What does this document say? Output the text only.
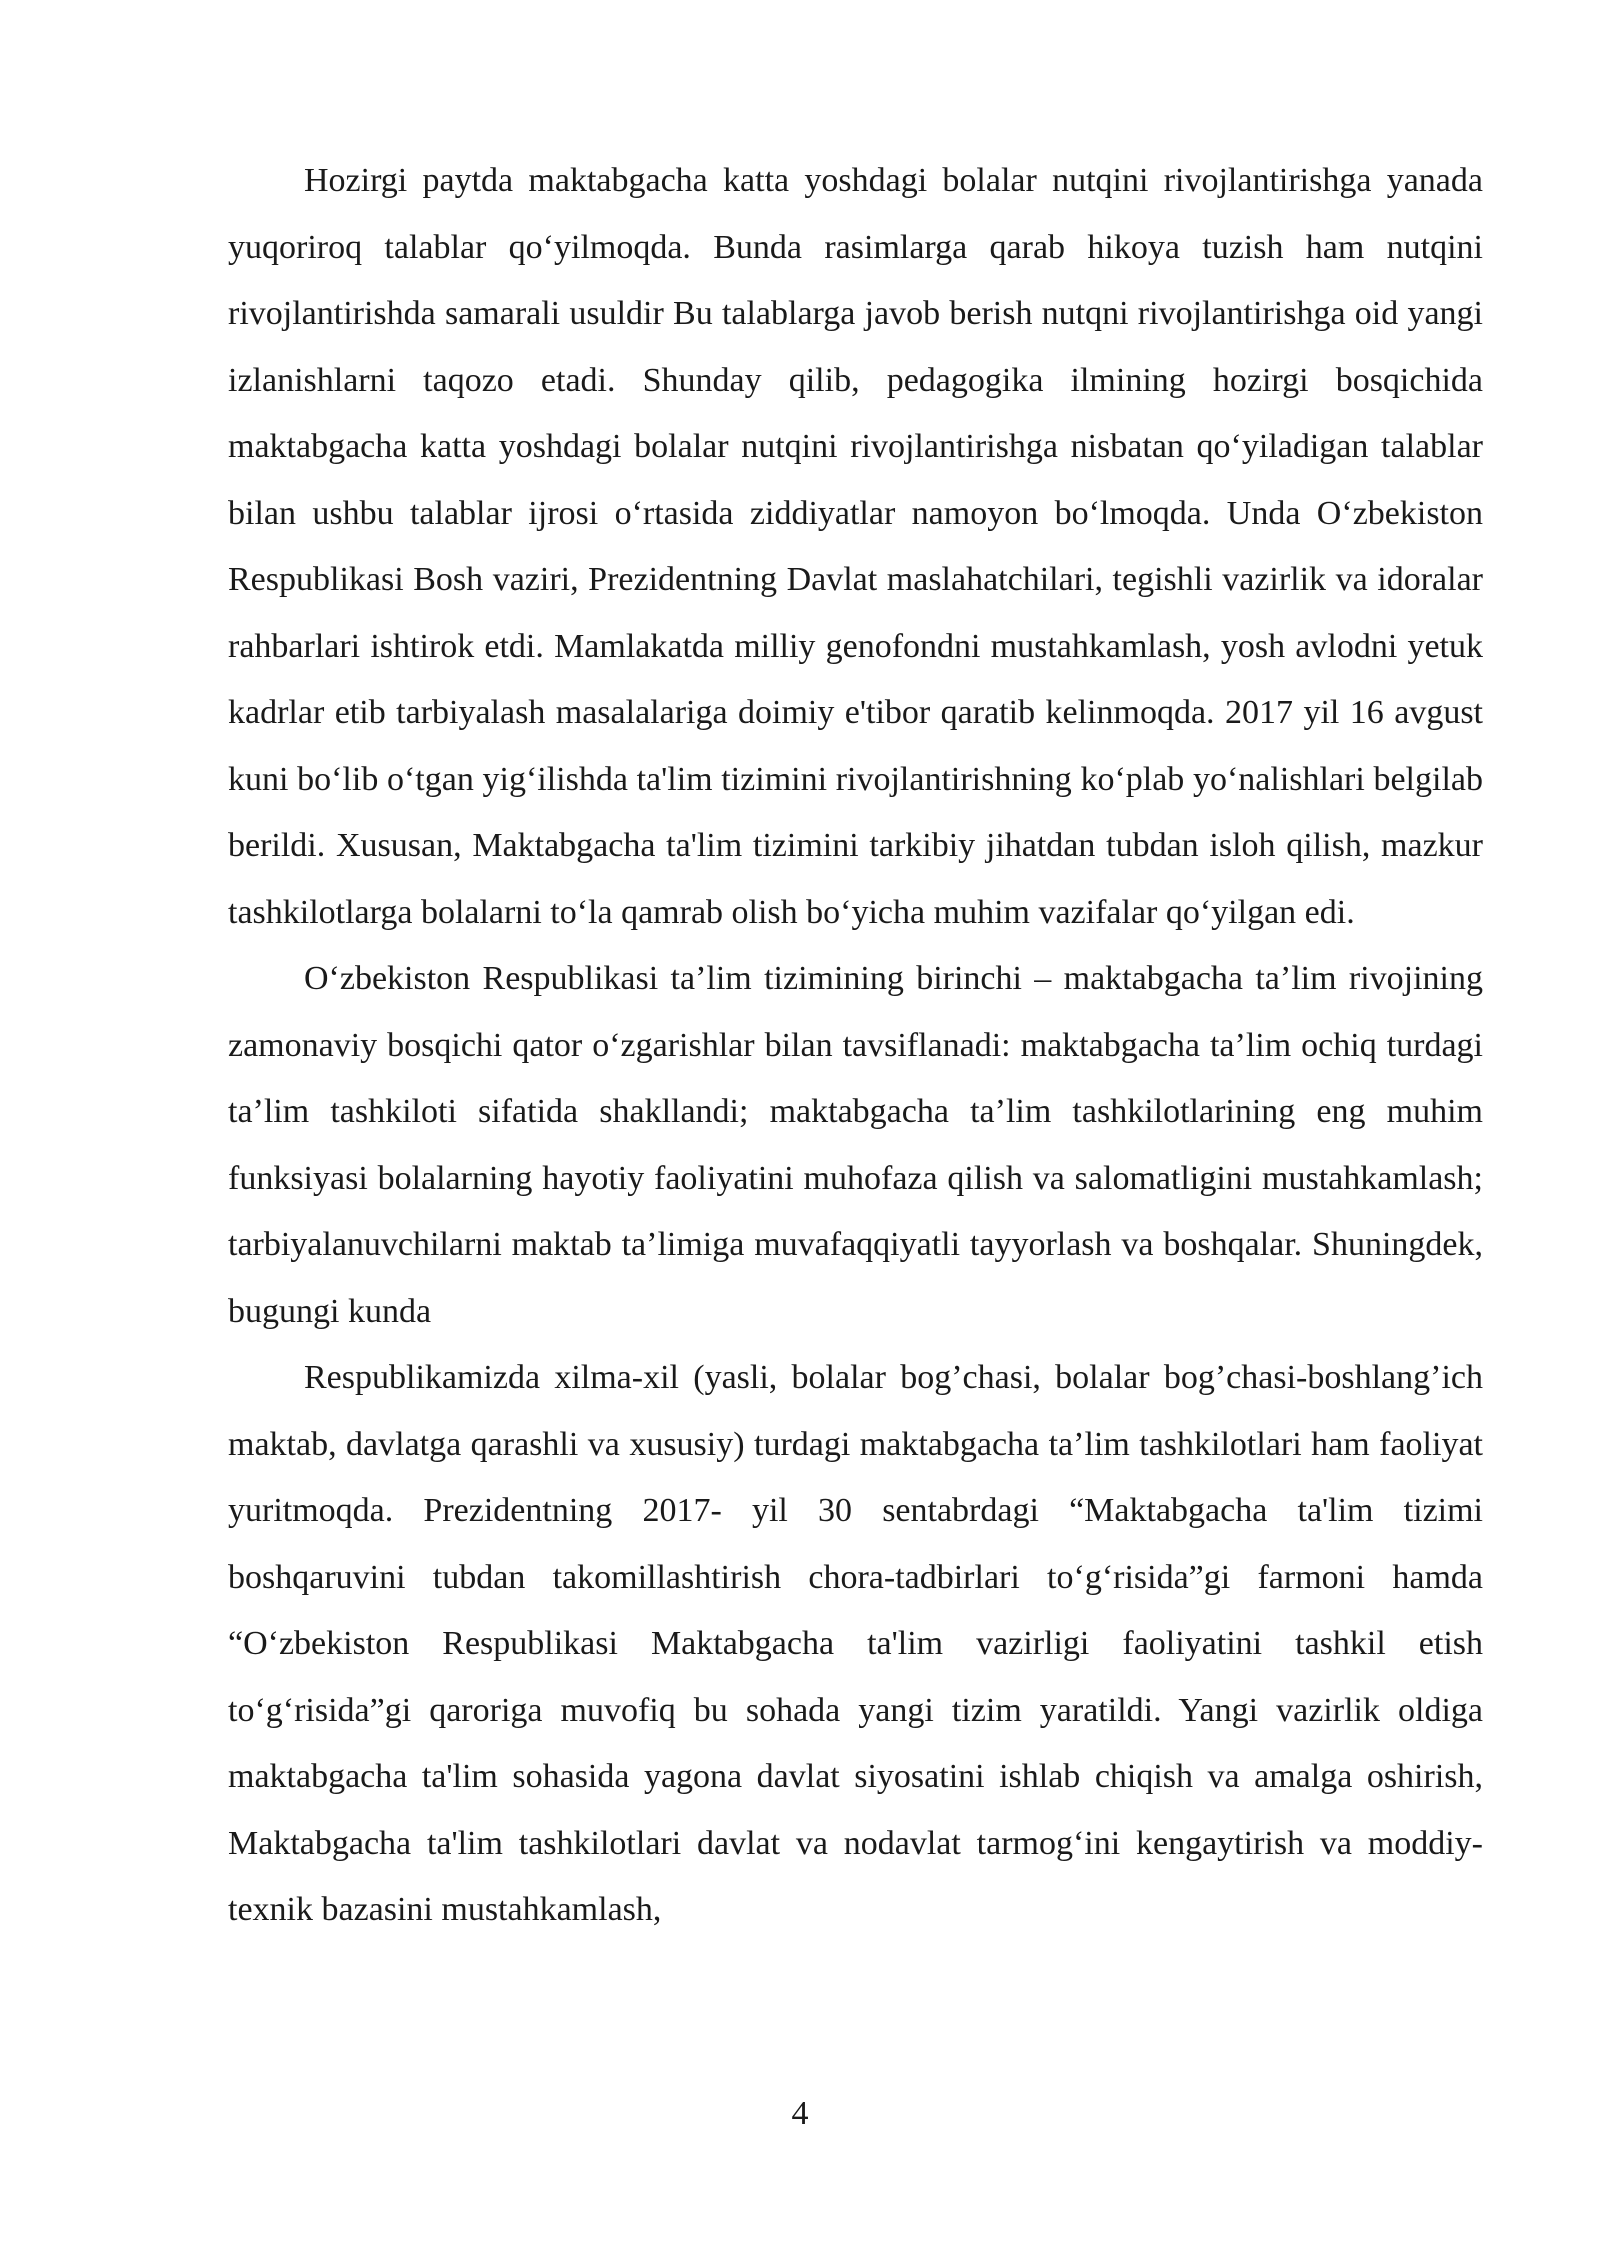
Hozirgi paytda maktabgacha katta yoshdagi bolalar nutqini rivojlantirishga yanada yuqoriroq talablar qo‘yilmoqda. Bunda rasimlarga qarab hikoya tuzish ham nutqini rivojlantirishda samarali usuldir Bu talablarga javob berish nutqni rivojlantirishga oid yangi izlanishlarni taqozo etadi. Shunday qilib, pedagogika ilmining hozirgi bosqichida maktabgacha katta yoshdagi bolalar nutqini rivojlantirishga nisbatan qo‘yiladigan talablar bilan ushbu talablar ijrosi o‘rtasida ziddiyatlar namoyon bo‘lmoqda. Unda O‘zbekiston Respublikasi Bosh vaziri, Prezidentning Davlat maslahatchilari, tegishli vazirlik va idoralar rahbarlari ishtirok etdi. Mamlakatda milliy genofondni mustahkamlash, yosh avlodni yetuk kadrlar etib tarbiyalash masalalariga doimiy e'tibor qaratib kelinmoqda. 2017 yil 16 avgust kuni bo‘lib o‘tgan yig‘ilishda ta'lim tizimini rivojlantirishning ko‘plab yo‘nalishlari belgilab berildi. Xususan, Maktabgacha ta'lim tizimini tarkibiy jihatdan tubdan isloh qilish, mazkur tashkilotlarga bolalarni to‘la qamrab olish bo‘yicha muhim vazifalar qo‘yilgan edi.

O‘zbekiston Respublikasi ta’lim tizimining birinchi – maktabgacha ta’lim rivojining zamonaviy bosqichi qator o‘zgarishlar bilan tavsiflanadi: maktabgacha ta’lim ochiq turdagi ta’lim tashkiloti sifatida shakllandi; maktabgacha ta’lim tashkilotlarining eng muhim funksiyasi bolalarning hayotiy faoliyatini muhofaza qilish va salomatligini mustahkamlash; tarbiyalanuvchilarni maktab ta’limiga muvafaqqiyatli tayyorlash va boshqalar. Shuningdek, bugungi kunda

Respublikamizda xilma-xil (yasli, bolalar bog’chasi, bolalar bog’chasi-boshlang’ich maktab, davlatga qarashli va xususiy) turdagi maktabgacha ta’lim tashkilotlari ham faoliyat yuritmoqda. Prezidentning 2017- yil 30 sentabrdagi “Maktabgacha ta'lim tizimi boshqaruvini tubdan takomillashtirish chora-tadbirlari to‘g‘risida”gi farmoni hamda “O‘zbekiston Respublikasi Maktabgacha ta'lim vazirligi faoliyatini tashkil etish to‘g‘risida”gi qaroriga muvofiq bu sohada yangi tizim yaratildi. Yangi vazirlik oldiga maktabgacha ta'lim sohasida yagona davlat siyosatini ishlab chiqish va amalga oshirish, Maktabgacha ta'lim tashkilotlari davlat va nodavlat tarmog‘ini kengaytirish va moddiy-texnik bazasini mustahkamlash,

4
